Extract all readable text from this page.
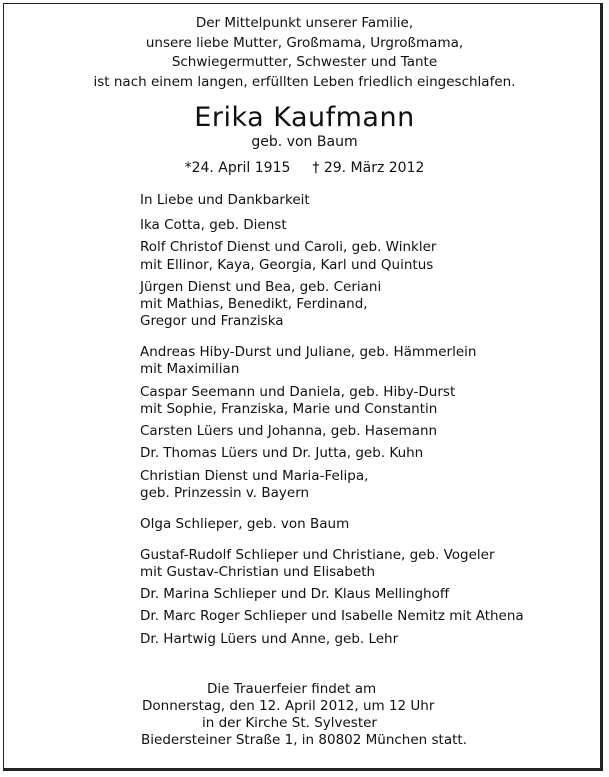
Der Mittelpunkt unserer Familie,
unsere liebe Mutter, Großmama, Urgroßmama,
Schwiegermutter, Schwester und Tante
ist nach einem langen, erfüllten Leben friedlich eingeschlafen.
Erika Kaufmann
geb. von Baum
*24. April 1915 † 29. März 2012
In Liebe und Dankbarkeit
Ika Cotta, geb. Dienst
Rolf Christof Dienst und Caroli, geb. Winkler
mit Ellinor, Kaya, Georgia, Karl und Quintus
Jürgen Dienst und Bea, geb. Ceriani
mit Mathias, Benedikt, Ferdinand,
Gregor und Franziska
Andreas Hiby-Durst und Juliane, geb. Hämmerlein
mit Maximilian
Caspar Seemann und Daniela, geb. Hiby-Durst
mit Sophie, Franziska, Marie und Constantin
Carsten Lüers und Johanna, geb. Hasemann
Dr. Thomas Lüers und Dr. Jutta, geb. Kuhn
Christian Dienst und Maria-Felipa,
geb. Prinzessin v. Bayern
Olga Schlieper, geb. von Baum
Gustaf-Rudolf Schlieper und Christiane, geb. Vogeler
mit Gustav-Christian und Elisabeth
Dr. Marina Schlieper und Dr. Klaus Mellinghoff
Dr. Marc Roger Schlieper und Isabelle Nemitz mit Athena
Dr. Hartwig Lüers und Anne, geb. Lehr
Die Trauerfeier findet am
Donnerstag, den 12. April 2012, um 12 Uhr
in der Kirche St. Sylvester
Biedersteiner Straße 1, in 80802 München statt.
